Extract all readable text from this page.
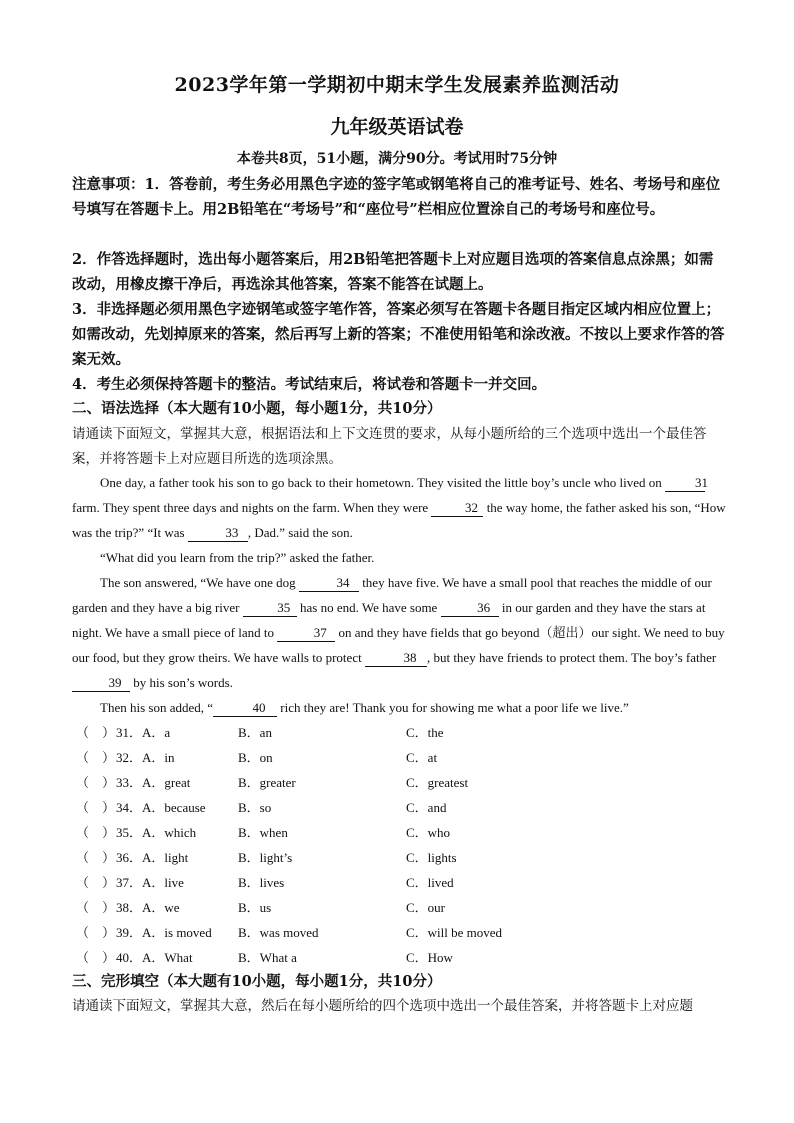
2023学年第一学期初中期末学生发展素养监测活动
九年级英语试卷
本卷共8页，51小题，满分90分。考试用时75分钟
注意事项：1．答卷前，考生务必用黑色字迹的签字笔或钢笔将自己的准考证号、姓名、考场号和座位号填写在答题卡上。用2B铅笔在“考场号”和“座位号”栏相应位置涂自己的考场号和座位号。
2．作答选择题时，选出每小题答案后，用2B铅笔把答题卡上对应题目选项的答案信息点涂黑；如需改动，用橡皮擦干净后，再选涂其他答案，答案不能答在试题上。
3．非选择题必须用黑色字迹钢笔或签字笔作答，答案必须写在答题卡各题目指定区域内相应位置上；如需改动，先划掉原来的答案，然后再写上新的答案；不准使用铅笔和涂改液。不按以上要求作答的答案无效。
4．考生必须保持答题卡的整洁。考试结束后，将试卷和答题卡一并交回。
二、语法选择（本大题有10小题，每小题1分，共10分）
请通读下面短文，掌握其大意，根据语法和上下文连贯的要求，从每小题所给的三个选项中选出一个最佳答案，并将答题卡上对应题目所选的选项涂黑。

One day, a father took his son to go back to their hometown. They visited the little boy’s uncle who lived on 31 farm. They spent three days and nights on the farm. When they were	32 the way home, the father asked his son, “How was the trip?” “It was	33 , Dad.” said the son.

“What did you learn from the trip?” asked the father.

The son answered, “We have one dog	34 they have five. We have a small pool that reaches the middle of our garden and they have a big river	35 has no end. We have some	36 in our garden and they have the stars at night. We have a small piece of land to	37 on and they have fields that go beyond（超出）our sight. We need to buy our food, but they grow theirs. We have walls to protect	38 , but they have friends to protect them. The boy’s father 39 by his son’s words.

Then his son added, “	40 rich they are! Thank you for showing me what a poor life we live.”

（　） 31．A．a	B．an	C．the
（　） 32．A．in	B．on	C．at
（　） 33．A．great	B．greater	C．greatest
（　） 34．A．because B．so	C．and
（　） 35．A．which	B．when	C．who
（　） 36．A．light	B．light’s	C．lights
（　） 37．A．live	B．lives	C．lived
（　） 38．A．we	B．us	C．our
（　） 39．A．is moved B．was moved	C．will be moved
（　） 40．A．What	B．What a	C．How
三、完形填空（本大题有10小题，每小题1分，共10分）
请通读下面短文，掌握其大意，然后在每小题所给的四个选项中选出一个最佳答案，并将答题卡上对应题
